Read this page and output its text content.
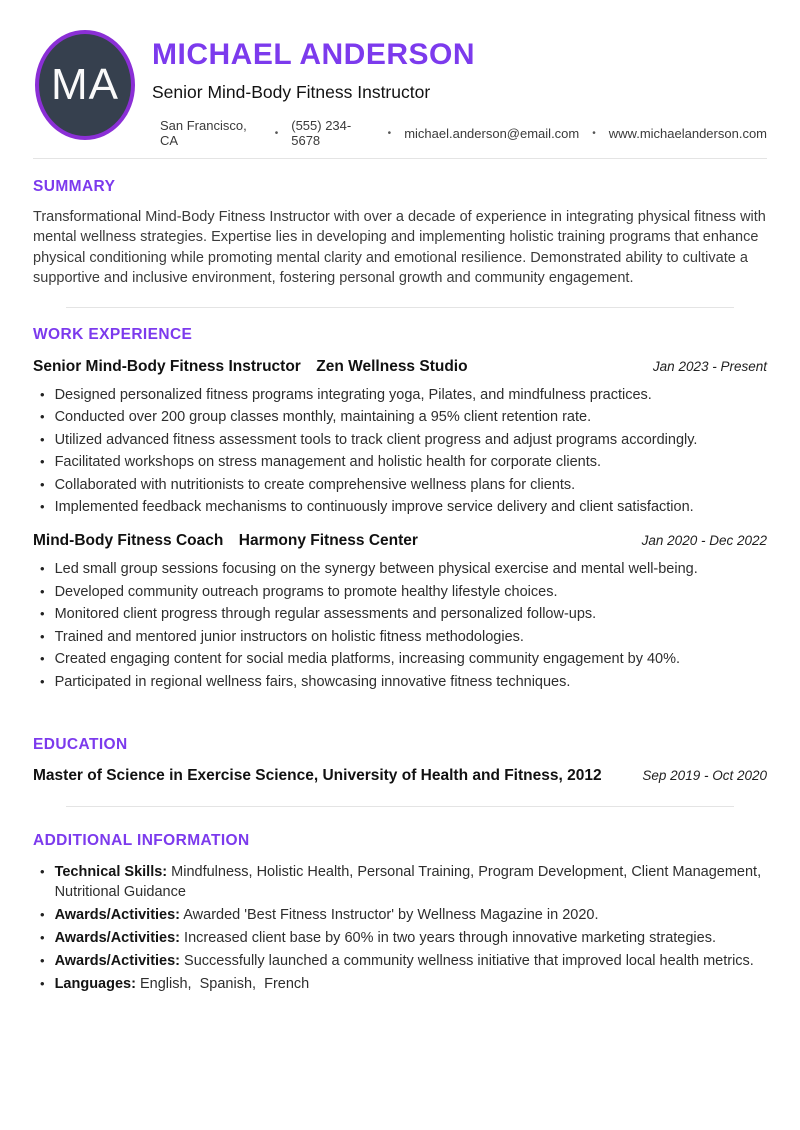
MA
MICHAEL ANDERSON
Senior Mind-Body Fitness Instructor
San Francisco, CA	• (555) 234-5678	• michael.anderson@email.com • www.michaelanderson.com
SUMMARY

Transformational Mind-Body Fitness Instructor with over a decade of experience in integrating physical fitness with mental wellness strategies. Expertise lies in developing and implementing holistic training programs that enhance physical conditioning while promoting mental clarity and emotional resilience. Demonstrated ability to cultivate a supportive and inclusive environment, fostering personal growth and community engagement.

WORK EXPERIENCE
Senior Mind-Body Fitness Instructor Zen Wellness Studio	Jan 2023 - Present
• Designed personalized fitness programs integrating yoga, Pilates, and mindfulness practices.
• Conducted over 200 group classes monthly, maintaining a 95% client retention rate.
• Utilized advanced fitness assessment tools to track client progress and adjust programs accordingly.
• Facilitated workshops on stress management and holistic health for corporate clients.
• Collaborated with nutritionists to create comprehensive wellness plans for clients.
• Implemented feedback mechanisms to continuously improve service delivery and client satisfaction.
Mind-Body Fitness Coach Harmony Fitness Center	Jan 2020 - Dec 2022
• Led small group sessions focusing on the synergy between physical exercise and mental well-being.
• Developed community outreach programs to promote healthy lifestyle choices.
• Monitored client progress through regular assessments and personalized follow-ups.
• Trained and mentored junior instructors on holistic fitness methodologies.
• Created engaging content for social media platforms, increasing community engagement by 40%.
• Participated in regional wellness fairs, showcasing innovative fitness techniques.
EDUCATION
Master of Science in Exercise Science, University of Health and Fitness, 2012	Sep 2019 - Oct 2020
ADDITIONAL INFORMATION
• Technical Skills: Mindfulness, Holistic Health, Personal Training, Program Development, Client Management, Nutritional Guidance
• Awards/Activities: Awarded 'Best Fitness Instructor' by Wellness Magazine in 2020.
• Awards/Activities: Increased client base by 60% in two years through innovative marketing strategies.
• Awards/Activities: Successfully launched a community wellness initiative that improved local health metrics.
• Languages: English,  Spanish,  French
